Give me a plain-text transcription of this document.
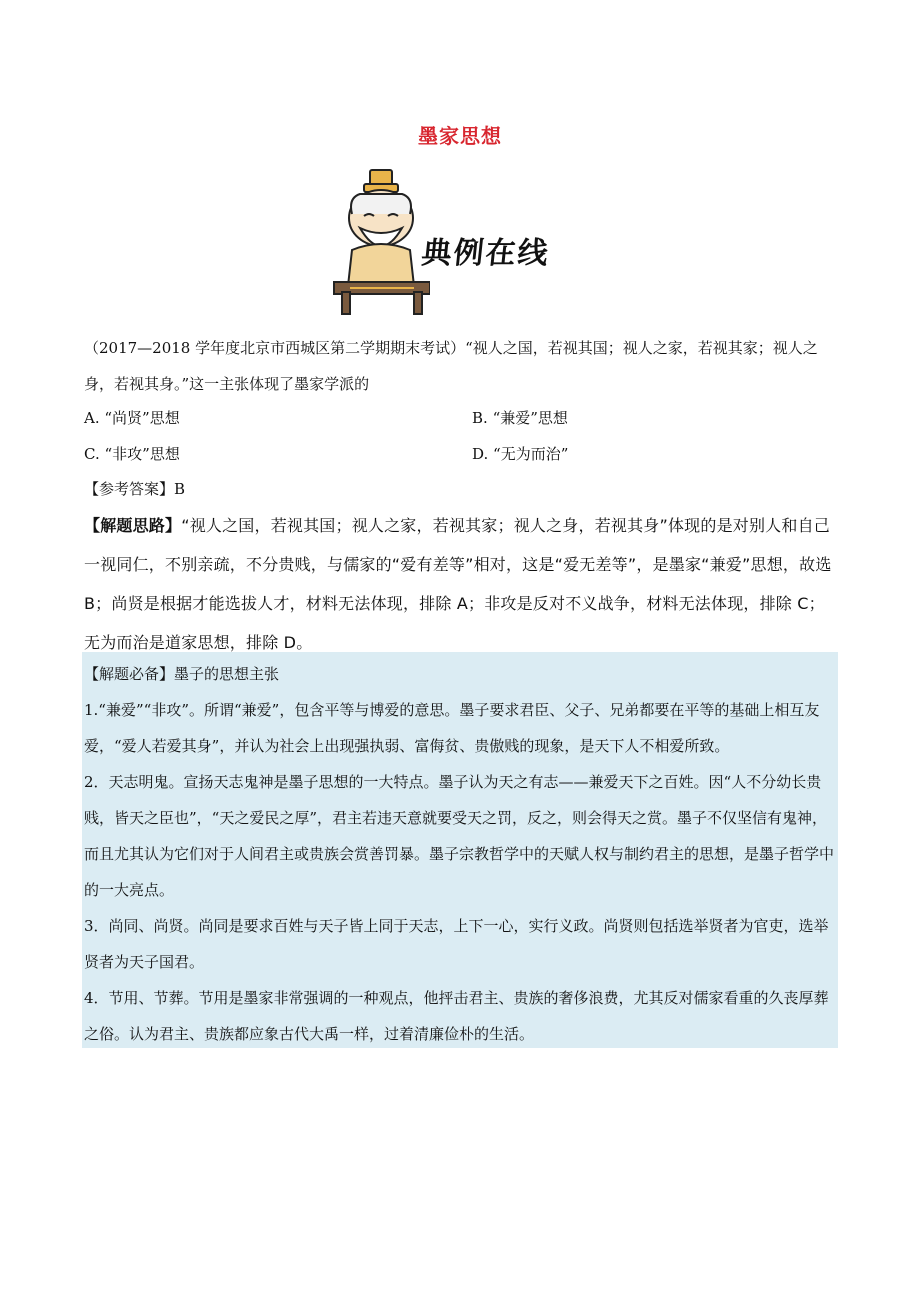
墨家思想
典例在线
（2017—2018 学年度北京市西城区第二学期期末考试）“视人之国，若视其国；视人之家，若视其家；视人之身，若视其身。”这一主张体现了墨家学派的
A. “尚贤”思想	B. “兼爱”思想
C. “非攻”思想	D. “无为而治”
【参考答案】B
【解题思路】“视人之国，若视其国；视人之家，若视其家；视人之身，若视其身”体现的是对别人和自己一视同仁，不别亲疏，不分贵贱，与儒家的“爱有差等”相对，这是“爱无差等”，是墨家“兼爱”思想，故选 B；尚贤是根据才能选拔人才，材料无法体现，排除 A；非攻是反对不义战争，材料无法体现，排除 C；无为而治是道家思想，排除 D。

【解题必备】墨子的思想主张

1.“兼爱”“非攻”。所谓“兼爱”，包含平等与博爱的意思。墨子要求君臣、父子、兄弟都要在平等的基础上相互友爱，“爱人若爱其身”，并认为社会上出现强执弱、富侮贫、贵傲贱的现象，是天下人不相爱所致。

2．天志明鬼。宣扬天志鬼神是墨子思想的一大特点。墨子认为天之有志——兼爱天下之百姓。因“人不分幼长贵贱，皆天之臣也”，“天之爱民之厚”，君主若违天意就要受天之罚，反之，则会得天之赏。墨子不仅坚信有鬼神，而且尤其认为它们对于人间君主或贵族会赏善罚暴。墨子宗教哲学中的天赋人权与制约君主的思想，是墨子哲学中的一大亮点。

3．尚同、尚贤。尚同是要求百姓与天子皆上同于天志，上下一心，实行义政。尚贤则包括选举贤者为官吏，选举贤者为天子国君。

4．节用、节葬。节用是墨家非常强调的一种观点，他抨击君主、贵族的奢侈浪费，尤其反对儒家看重的久丧厚葬之俗。认为君主、贵族都应象古代大禹一样，过着清廉俭朴的生活。
